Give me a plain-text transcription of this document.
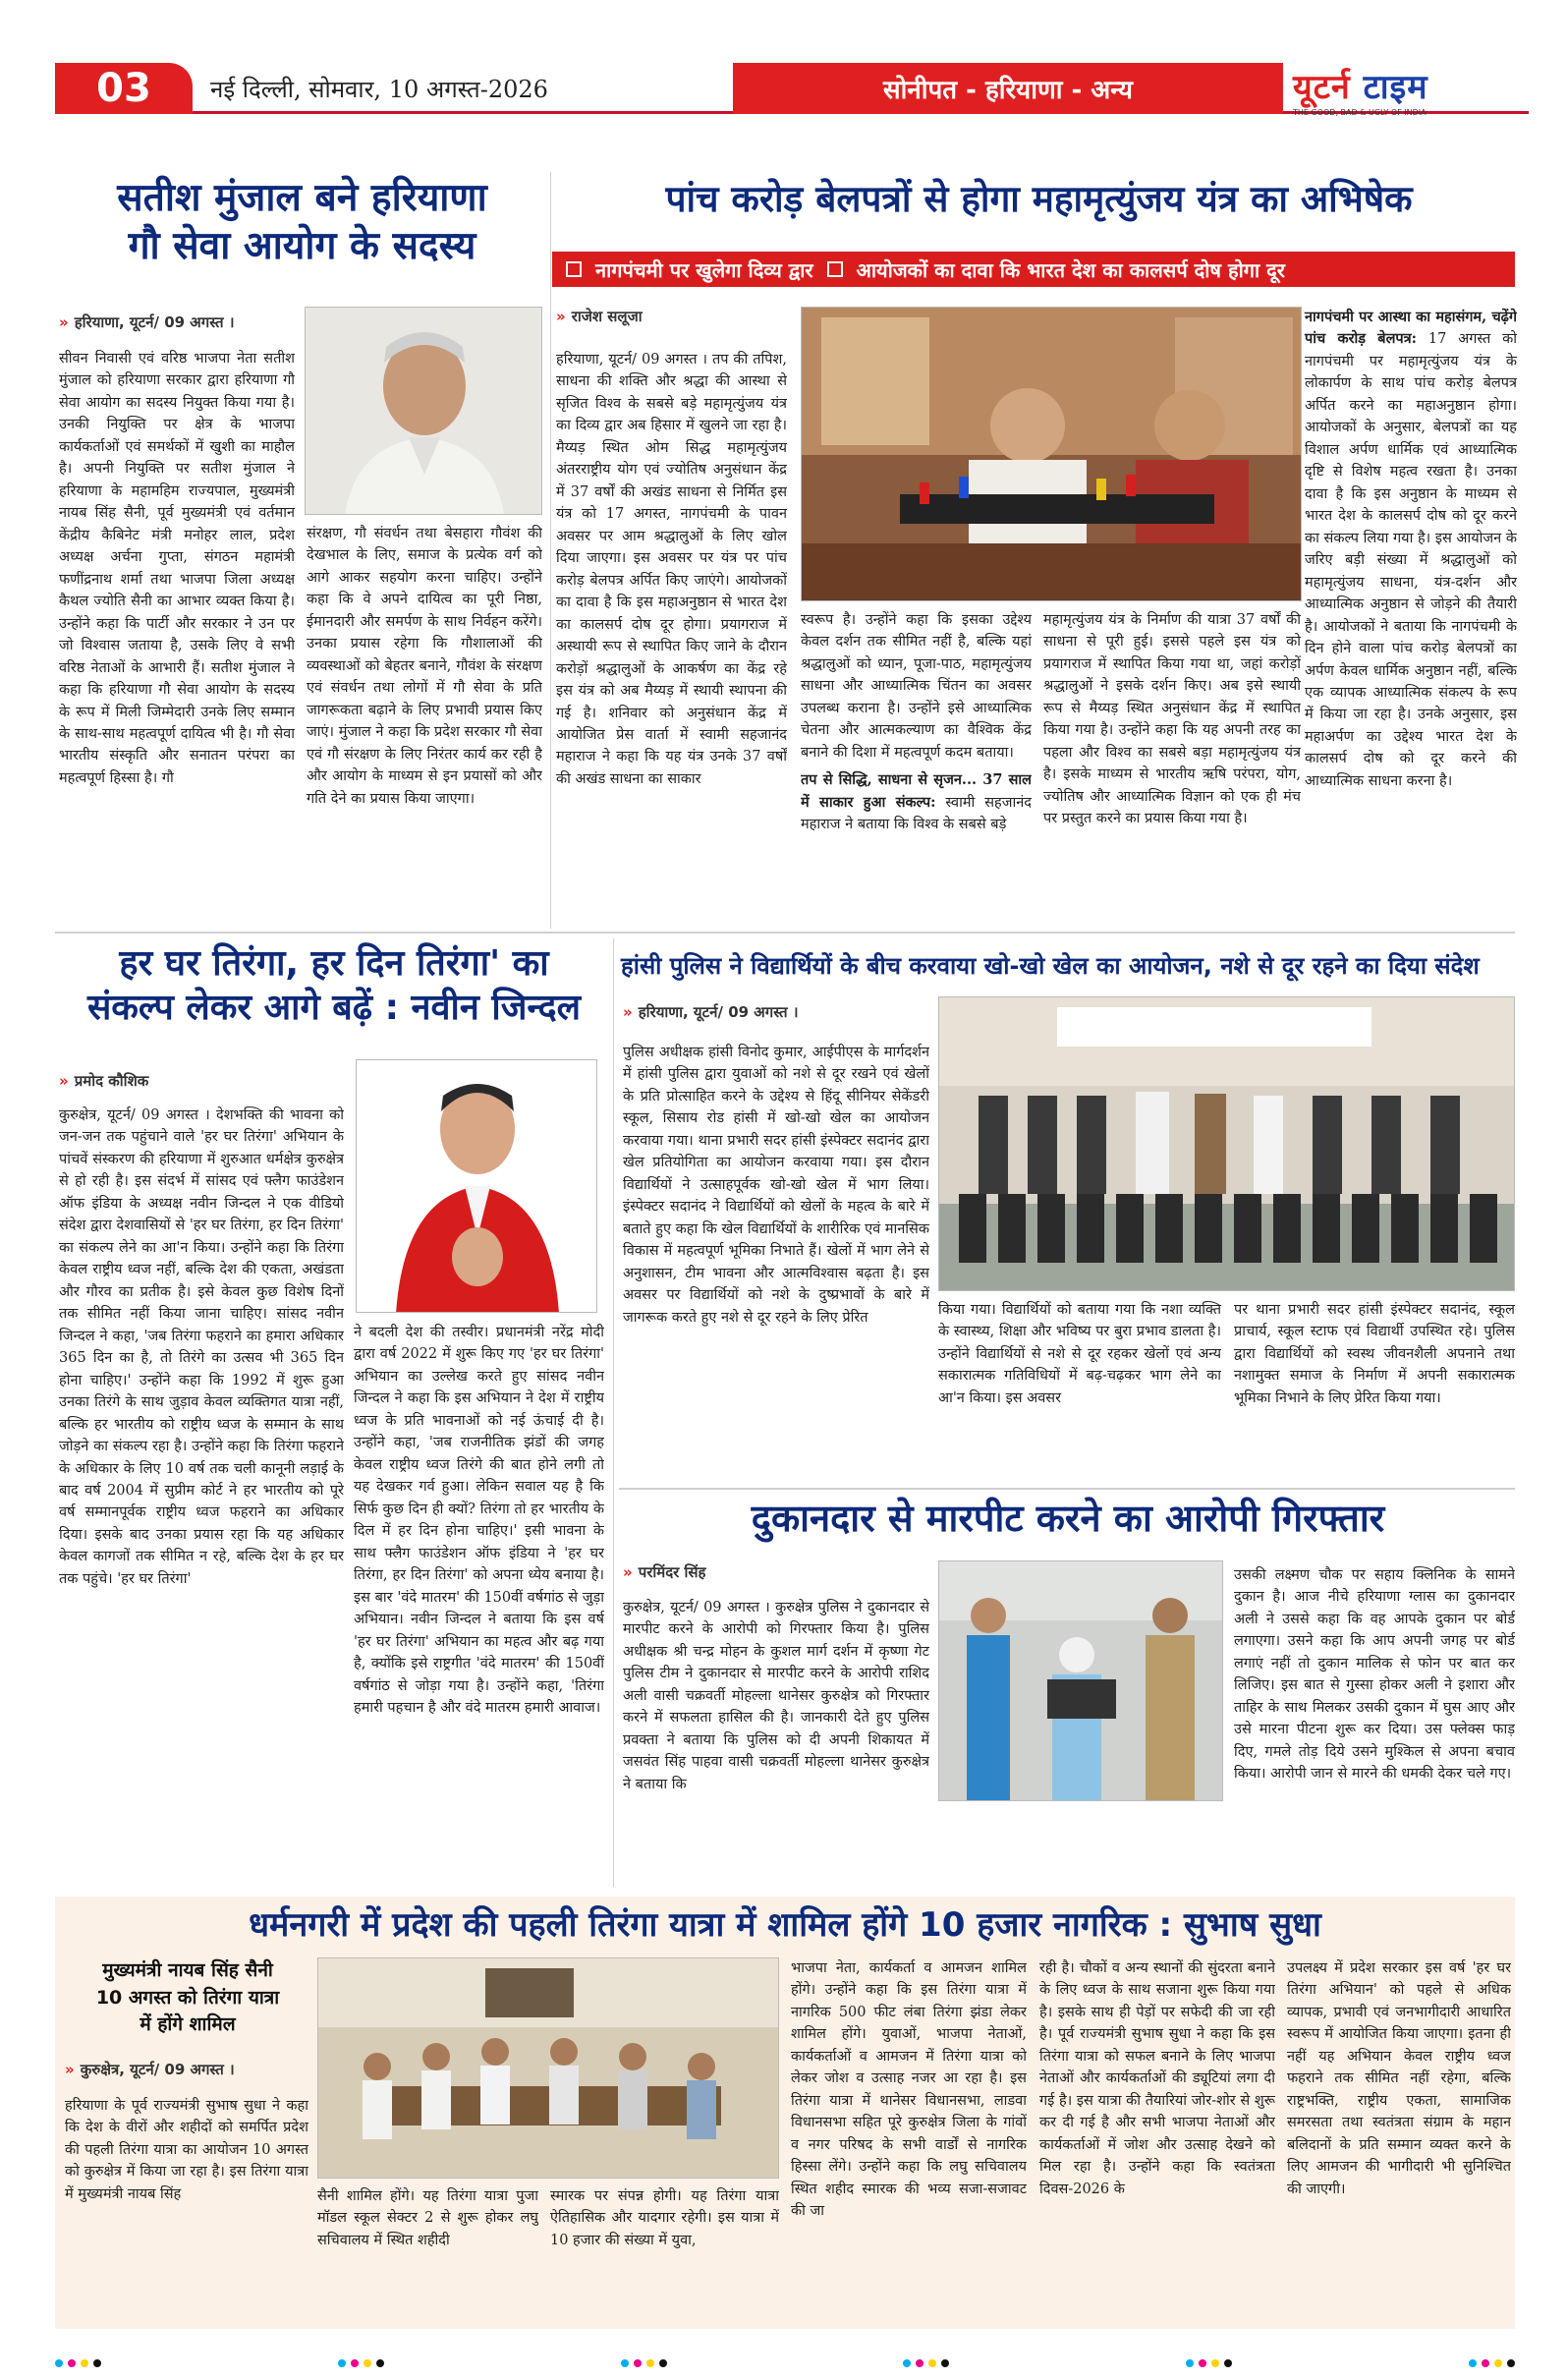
03	नई दिल्ली, सोमवार, 10 अगस्त-2026	सोनीपत - हरियाणा - अन्य	यूटर्न टाइम
THE GOOD, BAD & UGLY OF INDIA
सतीश मुंजाल बने हरियाणा
गौ सेवा आयोग के सदस्य
» हरियाणा, यूटर्न/ 09 अगस्त ।
सीवन निवासी एवं वरिष्ठ भाजपा नेता सतीश मुंजाल को हरियाणा सरकार द्वारा हरियाणा गौ सेवा आयोग का सदस्य नियुक्त किया गया है। उनकी नियुक्ति पर क्षेत्र के भाजपा कार्यकर्ताओं एवं समर्थकों में खुशी का माहौल है। अपनी नियुक्ति पर सतीश मुंजाल ने हरियाणा के महामहिम राज्यपाल, मुख्यमंत्री नायब सिंह सैनी, पूर्व मुख्यमंत्री एवं वर्तमान केंद्रीय कैबिनेट मंत्री मनोहर लाल, प्रदेश अध्यक्ष अर्चना गुप्ता, संगठन महामंत्री फणींद्रनाथ शर्मा तथा भाजपा जिला अध्यक्ष कैथल ज्योति सैनी का आभार व्यक्त किया है। उन्होंने कहा कि पार्टी और सरकार ने उन पर जो विश्वास जताया है, उसके लिए वे सभी वरिष्ठ नेताओं के आभारी हैं। सतीश मुंजाल ने कहा कि हरियाणा गौ सेवा आयोग के सदस्य के रूप में मिली जिम्मेदारी उनके लिए सम्मान के साथ-साथ महत्वपूर्ण दायित्व भी है। गौ सेवा भारतीय संस्कृति और सनातन परंपरा का महत्वपूर्ण हिस्सा है। गौ
संरक्षण, गौ संवर्धन तथा बेसहारा गौवंश की देखभाल के लिए, समाज के प्रत्येक वर्ग को आगे आकर सहयोग करना चाहिए। उन्होंने कहा कि वे अपने दायित्व का पूरी निष्ठा, ईमानदारी और समर्पण के साथ निर्वहन करेंगे। उनका प्रयास रहेगा कि गौशालाओं की व्यवस्थाओं को बेहतर बनाने, गौवंश के संरक्षण एवं संवर्धन तथा लोगों में गौ सेवा के प्रति जागरूकता बढ़ाने के लिए प्रभावी प्रयास किए जाएं। मुंजाल ने कहा कि प्रदेश सरकार गौ सेवा एवं गौ संरक्षण के लिए निरंतर कार्य कर रही है और आयोग के माध्यम से इन प्रयासों को और गति देने का प्रयास किया जाएगा।
पांच करोड़ बेलपत्रों से होगा महामृत्युंजय यंत्र का अभिषेक
नागपंचमी पर खुलेगा दिव्य द्वार आयोजकों का दावा कि भारत देश का कालसर्प दोष होगा दूर
» राजेश सलूजा
हरियाणा, यूटर्न/ 09 अगस्त । तप की तपिश, साधना की शक्ति और श्रद्धा की आस्था से सृजित विश्व के सबसे बड़े महामृत्युंजय यंत्र का दिव्य द्वार अब हिसार में खुलने जा रहा है। मैय्यड़ स्थित ओम सिद्ध महामृत्युंजय अंतरराष्ट्रीय योग एवं ज्योतिष अनुसंधान केंद्र में 37 वर्षों की अखंड साधना से निर्मित इस यंत्र को 17 अगस्त, नागपंचमी के पावन अवसर पर आम श्रद्धालुओं के लिए खोल दिया जाएगा। इस अवसर पर यंत्र पर पांच करोड़ बेलपत्र अर्पित किए जाएंगे। आयोजकों का दावा है कि इस महाअनुष्ठान से भारत देश का कालसर्प दोष दूर होगा। प्रयागराज में अस्थायी रूप से स्थापित किए जाने के दौरान करोड़ों श्रद्धालुओं के आकर्षण का केंद्र रहे इस यंत्र को अब मैय्यड़ में स्थायी स्थापना की गई है। शनिवार को अनुसंधान केंद्र में आयोजित प्रेस वार्ता में स्वामी सहजानंद महाराज ने कहा कि यह यंत्र उनके 37 वर्षों की अखंड साधना का साकार
स्वरूप है। उन्होंने कहा कि इसका उद्देश्य केवल दर्शन तक सीमित नहीं है, बल्कि यहां श्रद्धालुओं को ध्यान, पूजा-पाठ, महामृत्युंजय साधना और आध्यात्मिक चिंतन का अवसर उपलब्ध कराना है। उन्होंने इसे आध्यात्मिक चेतना और आत्मकल्याण का वैश्विक केंद्र बनाने की दिशा में महत्वपूर्ण कदम बताया।
तप से सिद्धि, साधना से सृजन... 37 साल में साकार हुआ संकल्प: स्वामी सहजानंद महाराज ने बताया कि विश्व के सबसे बड़े
महामृत्युंजय यंत्र के निर्माण की यात्रा 37 वर्षों की साधना से पूरी हुई। इससे पहले इस यंत्र को प्रयागराज में स्थापित किया गया था, जहां करोड़ों श्रद्धालुओं ने इसके दर्शन किए। अब इसे स्थायी रूप से मैय्यड़ स्थित अनुसंधान केंद्र में स्थापित किया गया है। उन्होंने कहा कि यह अपनी तरह का पहला और विश्व का सबसे बड़ा महामृत्युंजय यंत्र है। इसके माध्यम से भारतीय ऋषि परंपरा, योग, ज्योतिष और आध्यात्मिक विज्ञान को एक ही मंच पर प्रस्तुत करने का प्रयास किया गया है।
नागपंचमी पर आस्था का महासंगम, चढ़ेंगे पांच करोड़ बेलपत्र: 17 अगस्त को नागपंचमी पर महामृत्युंजय यंत्र के लोकार्पण के साथ पांच करोड़ बेलपत्र अर्पित करने का महाअनुष्ठान होगा। आयोजकों के अनुसार, बेलपत्रों का यह विशाल अर्पण धार्मिक एवं आध्यात्मिक दृष्टि से विशेष महत्व रखता है। उनका दावा है कि इस अनुष्ठान के माध्यम से भारत देश के कालसर्प दोष को दूर करने का संकल्प लिया गया है। इस आयोजन के जरिए बड़ी संख्या में श्रद्धालुओं को महामृत्युंजय साधना, यंत्र-दर्शन और आध्यात्मिक अनुष्ठान से जोड़ने की तैयारी है। आयोजकों ने बताया कि नागपंचमी के दिन होने वाला पांच करोड़ बेलपत्रों का अर्पण केवल धार्मिक अनुष्ठान नहीं, बल्कि एक व्यापक आध्यात्मिक संकल्प के रूप में किया जा रहा है। उनके अनुसार, इस महाअर्पण का उद्देश्य भारत देश के कालसर्प दोष को दूर करने की आध्यात्मिक साधना करना है।
हर घर तिरंगा, हर दिन तिरंगा' का
संकल्प लेकर आगे बढ़ें : नवीन जिन्दल
» प्रमोद कौशिक
कुरुक्षेत्र, यूटर्न/ 09 अगस्त । देशभक्ति की भावना को जन-जन तक पहुंचाने वाले 'हर घर तिरंगा' अभियान के पांचवें संस्करण की हरियाणा में शुरुआत धर्मक्षेत्र कुरुक्षेत्र से हो रही है। इस संदर्भ में सांसद एवं फ्लैग फाउंडेशन ऑफ इंडिया के अध्यक्ष नवीन जिन्दल ने एक वीडियो संदेश द्वारा देशवासियों से 'हर घर तिरंगा, हर दिन तिरंगा' का संकल्प लेने का आ'न किया। उन्होंने कहा कि तिरंगा केवल राष्ट्रीय ध्वज नहीं, बल्कि देश की एकता, अखंडता और गौरव का प्रतीक है। इसे केवल कुछ विशेष दिनों तक सीमित नहीं किया जाना चाहिए। सांसद नवीन जिन्दल ने कहा, 'जब तिरंगा फहराने का हमारा अधिकार 365 दिन का है, तो तिरंगे का उत्सव भी 365 दिन होना चाहिए।' उन्होंने कहा कि 1992 में शुरू हुआ उनका तिरंगे के साथ जुड़ाव केवल व्यक्तिगत यात्रा नहीं, बल्कि हर भारतीय को राष्ट्रीय ध्वज के सम्मान के साथ जोड़ने का संकल्प रहा है। उन्होंने कहा कि तिरंगा फहराने के अधिकार के लिए 10 वर्ष तक चली कानूनी लड़ाई के बाद वर्ष 2004 में सुप्रीम कोर्ट ने हर भारतीय को पूरे वर्ष सम्मानपूर्वक राष्ट्रीय ध्वज फहराने का अधिकार दिया। इसके बाद उनका प्रयास रहा कि यह अधिकार केवल कागजों तक सीमित न रहे, बल्कि देश के हर घर तक पहुंचे। 'हर घर तिरंगा'
ने बदली देश की तस्वीर। प्रधानमंत्री नरेंद्र मोदी द्वारा वर्ष 2022 में शुरू किए गए 'हर घर तिरंगा' अभियान का उल्लेख करते हुए सांसद नवीन जिन्दल ने कहा कि इस अभियान ने देश में राष्ट्रीय ध्वज के प्रति भावनाओं को नई ऊंचाई दी है। उन्होंने कहा, 'जब राजनीतिक झंडों की जगह केवल राष्ट्रीय ध्वज तिरंगे की बात होने लगी तो यह देखकर गर्व हुआ। लेकिन सवाल यह है कि सिर्फ कुछ दिन ही क्यों? तिरंगा तो हर भारतीय के दिल में हर दिन होना चाहिए।' इसी भावना के साथ फ्लैग फाउंडेशन ऑफ इंडिया ने 'हर घर तिरंगा, हर दिन तिरंगा' को अपना ध्येय बनाया है। इस बार 'वंदे मातरम' की 150वीं वर्षगांठ से जुड़ा अभियान। नवीन जिन्दल ने बताया कि इस वर्ष 'हर घर तिरंगा' अभियान का महत्व और बढ़ गया है, क्योंकि इसे राष्ट्रगीत 'वंदे मातरम' की 150वीं वर्षगांठ से जोड़ा गया है। उन्होंने कहा, 'तिरंगा हमारी पहचान है और वंदे मातरम हमारी आवाज।
हांसी पुलिस ने विद्यार्थियों के बीच करवाया खो-खो खेल का आयोजन, नशे से दूर रहने का दिया संदेश
» हरियाणा, यूटर्न/ 09 अगस्त ।
पुलिस अधीक्षक हांसी विनोद कुमार, आईपीएस के मार्गदर्शन में हांसी पुलिस द्वारा युवाओं को नशे से दूर रखने एवं खेलों के प्रति प्रोत्साहित करने के उद्देश्य से हिंदू सीनियर सेकेंडरी स्कूल, सिसाय रोड हांसी में खो-खो खेल का आयोजन करवाया गया। थाना प्रभारी सदर हांसी इंस्पेक्टर सदानंद द्वारा खेल प्रतियोगिता का आयोजन करवाया गया। इस दौरान विद्यार्थियों ने उत्साहपूर्वक खो-खो खेल में भाग लिया। इंस्पेक्टर सदानंद ने विद्यार्थियों को खेलों के महत्व के बारे में बताते हुए कहा कि खेल विद्यार्थियों के शारीरिक एवं मानसिक विकास में महत्वपूर्ण भूमिका निभाते हैं। खेलों में भाग लेने से अनुशासन, टीम भावना और आत्मविश्वास बढ़ता है। इस अवसर पर विद्यार्थियों को नशे के दुष्प्रभावों के बारे में जागरूक करते हुए नशे से दूर रहने के लिए प्रेरित	किया गया। विद्यार्थियों को बताया गया कि नशा व्यक्ति के स्वास्थ्य, शिक्षा और भविष्य पर बुरा प्रभाव डालता है। उन्होंने विद्यार्थियों से नशे से दूर रहकर खेलों एवं अन्य सकारात्मक गतिविधियों में बढ़-चढ़कर भाग लेने का आ'न किया। इस अवसर
पर थाना प्रभारी सदर हांसी इंस्पेक्टर सदानंद, स्कूल प्राचार्य, स्कूल स्टाफ एवं विद्यार्थी उपस्थित रहे। पुलिस द्वारा विद्यार्थियों को स्वस्थ जीवनशैली अपनाने तथा नशामुक्त समाज के निर्माण में अपनी सकारात्मक भूमिका निभाने के लिए प्रेरित किया गया।
दुकानदार से मारपीट करने का आरोपी गिरफ्तार
» परमिंदर सिंह
कुरुक्षेत्र, यूटर्न/ 09 अगस्त । कुरुक्षेत्र पुलिस ने दुकानदार से मारपीट करने के आरोपी को गिरफ्तार किया है। पुलिस अधीक्षक श्री चन्द्र मोहन के कुशल मार्ग दर्शन में कृष्णा गेट पुलिस टीम ने दुकानदार से मारपीट करने के आरोपी राशिद अली वासी चक्रवर्ती मोहल्ला थानेसर कुरुक्षेत्र को गिरफ्तार करने में सफलता हासिल की है। जानकारी देते हुए पुलिस प्रवक्ता ने बताया कि पुलिस को दी अपनी शिकायत में जसवंत सिंह पाहवा वासी चक्रवर्ती मोहल्ला थानेसर कुरुक्षेत्र ने बताया कि
उसकी लक्ष्मण चौक पर सहाय क्लिनिक के सामने दुकान है। आज नीचे हरियाणा ग्लास का दुकानदार अली ने उससे कहा कि वह आपके दुकान पर बोर्ड लगाएगा। उसने कहा कि आप अपनी जगह पर बोर्ड लगाएं नहीं तो दुकान मालिक से फोन पर बात कर लिजिए। इस बात से गुस्सा होकर अली ने इशारा और ताहिर के साथ मिलकर उसकी दुकान में घुस आए और उसे मारना पीटना शुरू कर दिया। उस फ्लेक्स फाड़ दिए, गमले तोड़ दिये उसने मुश्किल से अपना बचाव किया। आरोपी जान से मारने की धमकी देकर चले गए।
धर्मनगरी में प्रदेश की पहली तिरंगा यात्रा में शामिल होंगे 10 हजार नागरिक : सुभाष सुधा
मुख्यमंत्री नायब सिंह सैनी
10 अगस्त को तिरंगा यात्रा
में होंगे शामिल
» कुरुक्षेत्र, यूटर्न/ 09 अगस्त ।
हरियाणा के पूर्व राज्यमंत्री सुभाष सुधा ने कहा कि देश के वीरों और शहीदों को समर्पित प्रदेश की पहली तिरंगा यात्रा का आयोजन 10 अगस्त को कुरुक्षेत्र में किया जा रहा है। इस तिरंगा यात्रा में मुख्यमंत्री नायब सिंह	सैनी शामिल होंगे। यह तिरंगा यात्रा पुजा मॉडल स्कूल सेक्टर 2 से शुरू होकर लघु सचिवालय में स्थित शहीदी
स्मारक पर संपन्न होगी। यह तिरंगा यात्रा ऐतिहासिक और यादगार रहेगी। इस यात्रा में 10 हजार की संख्या में युवा,
भाजपा नेता, कार्यकर्ता व आमजन शामिल होंगे। उन्होंने कहा कि इस तिरंगा यात्रा में नागरिक 500 फीट लंबा तिरंगा झंडा लेकर शामिल होंगे। युवाओं, भाजपा नेताओं, कार्यकर्ताओं व आमजन में तिरंगा यात्रा को लेकर जोश व उत्साह नजर आ रहा है। इस तिरंगा यात्रा में थानेसर विधानसभा, लाडवा विधानसभा सहित पूरे कुरुक्षेत्र जिला के गांवों व नगर परिषद के सभी वार्डों से नागरिक हिस्सा लेंगे। उन्होंने कहा कि लघु सचिवालय स्थित शहीद स्मारक की भव्य सजा-सजावट की जा
रही है। चौकों व अन्य स्थानों की सुंदरता बनाने के लिए ध्वज के साथ सजाना शुरू किया गया है। इसके साथ ही पेड़ों पर सफेदी की जा रही है। पूर्व राज्यमंत्री सुभाष सुधा ने कहा कि इस तिरंगा यात्रा को सफल बनाने के लिए भाजपा नेताओं और कार्यकर्ताओं की ड्यूटियां लगा दी गई है। इस यात्रा की तैयारियां जोर-शोर से शुरू कर दी गई है और सभी भाजपा नेताओं और कार्यकर्ताओं में जोश और उत्साह देखने को मिल रहा है। उन्होंने कहा कि स्वतंत्रता दिवस-2026 के
उपलक्ष्य में प्रदेश सरकार इस वर्ष 'हर घर तिरंगा अभियान' को पहले से अधिक व्यापक, प्रभावी एवं जनभागीदारी आधारित स्वरूप में आयोजित किया जाएगा। इतना ही नहीं यह अभियान केवल राष्ट्रीय ध्वज फहराने तक सीमित नहीं रहेगा, बल्कि राष्ट्रभक्ति, राष्ट्रीय एकता, सामाजिक समरसता तथा स्वतंत्रता संग्राम के महान बलिदानों के प्रति सम्मान व्यक्त करने के लिए आमजन की भागीदारी भी सुनिश्चित की जाएगी।
